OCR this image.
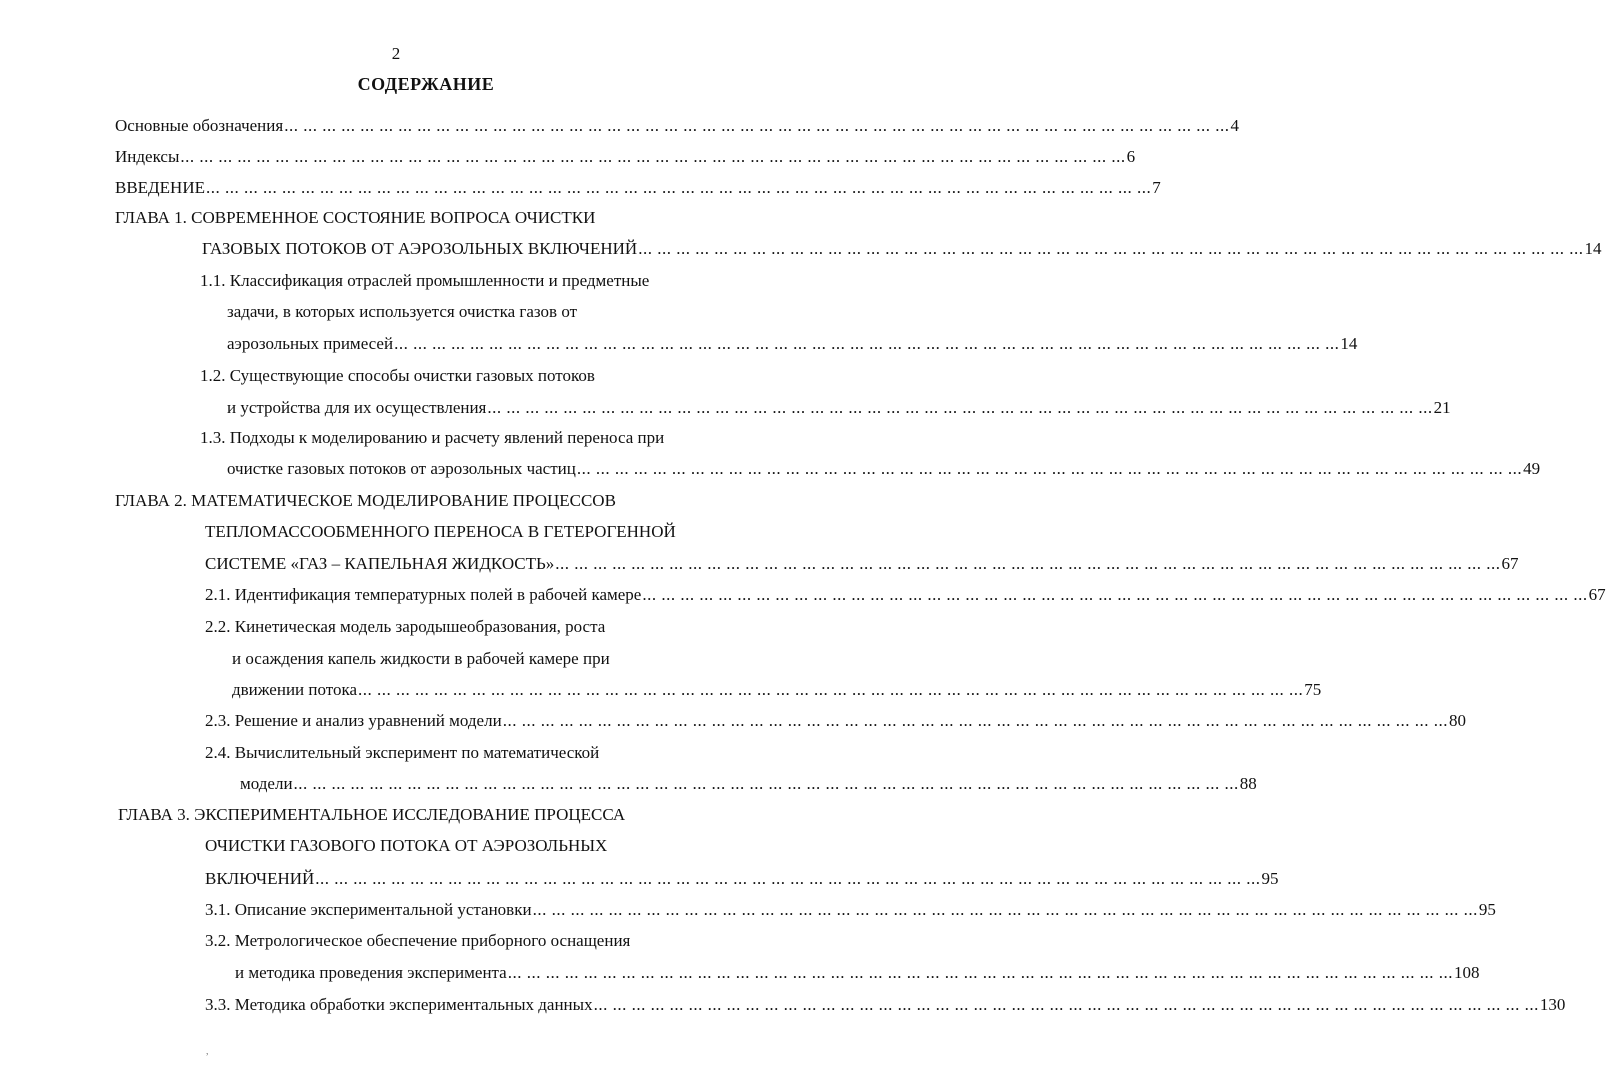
2
СОДЕРЖАНИЕ
Основные обозначения ... ... ... ... ... ... ... ... ... ... ... ... ... ... ... ... ... ... ... ... ... ... ... ... ... ... ... ... ... ... ... ... ... ... ... ... ... ... ... ... ... ... ... ... ... ... ... ... ... ... 4
Индексы ... ... ... ... ... ... ... ... ... ... ... ... ... ... ... ... ... ... ... ... ... ... ... ... ... ... ... ... ... ... ... ... ... ... ... ... ... ... ... ... ... ... ... ... ... ... ... ... ... ... 6
ВВЕДЕНИЕ ... ... ... ... ... ... ... ... ... ... ... ... ... ... ... ... ... ... ... ... ... ... ... ... ... ... ... ... ... ... ... ... ... ... ... ... ... ... ... ... ... ... ... ... ... ... ... ... ... ... 7
ГЛАВА 1. СОВРЕМЕННОЕ СОСТОЯНИЕ ВОПРОСА ОЧИСТКИ
ГАЗОВЫХ ПОТОКОВ ОТ АЭРОЗОЛЬНЫХ ВКЛЮЧЕНИЙ ... ... ... ... ... ... ... ... ... ... ... ... ... ... ... ... ... ... ... ... ... ... ... ... ... ... ... ... ... ... ... ... ... ... ... ... ... ... ... ... ... ... ... ... ... ... ... ... ... ... 14
1.1. Классификация отраслей промышленности и предметные
задачи, в которых используется очистка газов от
аэрозольных примесей ... ... ... ... ... ... ... ... ... ... ... ... ... ... ... ... ... ... ... ... ... ... ... ... ... ... ... ... ... ... ... ... ... ... ... ... ... ... ... ... ... ... ... ... ... ... ... ... ... ... 14
1.2. Существующие способы очистки газовых потоков
и устройства для их осуществления ... ... ... ... ... ... ... ... ... ... ... ... ... ... ... ... ... ... ... ... ... ... ... ... ... ... ... ... ... ... ... ... ... ... ... ... ... ... ... ... ... ... ... ... ... ... ... ... ... ... 21
1.3. Подходы к моделированию и расчету явлений переноса при
очистке газовых потоков от аэрозольных частиц ... ... ... ... ... ... ... ... ... ... ... ... ... ... ... ... ... ... ... ... ... ... ... ... ... ... ... ... ... ... ... ... ... ... ... ... ... ... ... ... ... ... ... ... ... ... ... ... ... ... 49
ГЛАВА 2. МАТЕМАТИЧЕСКОЕ МОДЕЛИРОВАНИЕ ПРОЦЕССОВ
ТЕПЛОМАССООБМЕННОГО ПЕРЕНОСА В ГЕТЕРОГЕННОЙ
СИСТЕМЕ «ГАЗ – КАПЕЛЬНАЯ ЖИДКОСТЬ» ... ... ... ... ... ... ... ... ... ... ... ... ... ... ... ... ... ... ... ... ... ... ... ... ... ... ... ... ... ... ... ... ... ... ... ... ... ... ... ... ... ... ... ... ... ... ... ... ... ... 67
2.1. Идентификация температурных полей в рабочей камере ... ... ... ... ... ... ... ... ... ... ... ... ... ... ... ... ... ... ... ... ... ... ... ... ... ... ... ... ... ... ... ... ... ... ... ... ... ... ... ... ... ... ... ... ... ... ... ... ... ... 67
2.2. Кинетическая модель зародышеобразования, роста
и осаждения капель жидкости в рабочей камере при
движении потока ... ... ... ... ... ... ... ... ... ... ... ... ... ... ... ... ... ... ... ... ... ... ... ... ... ... ... ... ... ... ... ... ... ... ... ... ... ... ... ... ... ... ... ... ... ... ... ... ... ... 75
2.3. Решение и анализ уравнений модели ... ... ... ... ... ... ... ... ... ... ... ... ... ... ... ... ... ... ... ... ... ... ... ... ... ... ... ... ... ... ... ... ... ... ... ... ... ... ... ... ... ... ... ... ... ... ... ... ... ... 80
2.4. Вычислительный эксперимент по математической
модели ... ... ... ... ... ... ... ... ... ... ... ... ... ... ... ... ... ... ... ... ... ... ... ... ... ... ... ... ... ... ... ... ... ... ... ... ... ... ... ... ... ... ... ... ... ... ... ... ... ... 88
ГЛАВА 3. ЭКСПЕРИМЕНТАЛЬНОЕ ИССЛЕДОВАНИЕ ПРОЦЕССА
ОЧИСТКИ ГАЗОВОГО ПОТОКА ОТ АЭРОЗОЛЬНЫХ
ВКЛЮЧЕНИЙ ... ... ... ... ... ... ... ... ... ... ... ... ... ... ... ... ... ... ... ... ... ... ... ... ... ... ... ... ... ... ... ... ... ... ... ... ... ... ... ... ... ... ... ... ... ... ... ... ... ... 95
3.1. Описание экспериментальной установки ... ... ... ... ... ... ... ... ... ... ... ... ... ... ... ... ... ... ... ... ... ... ... ... ... ... ... ... ... ... ... ... ... ... ... ... ... ... ... ... ... ... ... ... ... ... ... ... ... ... 95
3.2. Метрологическое обеспечение приборного оснащения
и методика проведения эксперимента ... ... ... ... ... ... ... ... ... ... ... ... ... ... ... ... ... ... ... ... ... ... ... ... ... ... ... ... ... ... ... ... ... ... ... ... ... ... ... ... ... ... ... ... ... ... ... ... ... ... 108
3.3. Методика обработки экспериментальных данных ... ... ... ... ... ... ... ... ... ... ... ... ... ... ... ... ... ... ... ... ... ... ... ... ... ... ... ... ... ... ... ... ... ... ... ... ... ... ... ... ... ... ... ... ... ... ... ... ... ... 130
,
